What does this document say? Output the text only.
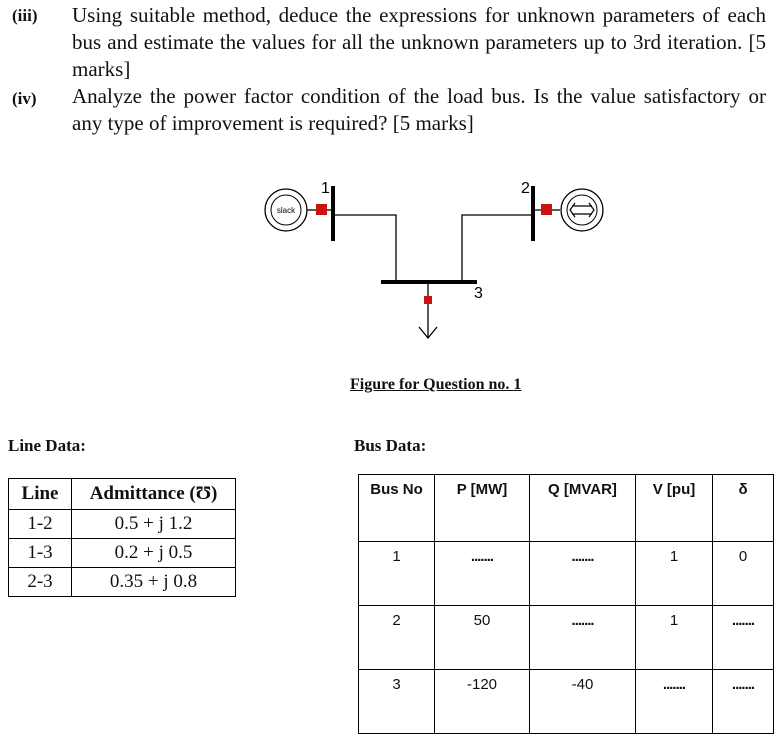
(iii) Using suitable method, deduce the expressions for unknown parameters of each bus and estimate the values for all the unknown parameters up to 3rd iteration. [5 marks]
(iv) Analyze the power factor condition of the load bus. Is the value satisfactory or any type of improvement is required? [5 marks]
slack
1	2
3
Figure for Question no. 1
Line Data:
Line	Admittance (Ʊ)
1-2	0.5 + j 1.2
1-3	0.2 + j 0.5
2-3	0.35 + j 0.8
Bus Data:
Bus No	P [MW]	Q [MVAR]	V [pu]	δ
1	.......	.......	1	0
2	50	.......	1	.......
3	-120	-40	.......	.......
